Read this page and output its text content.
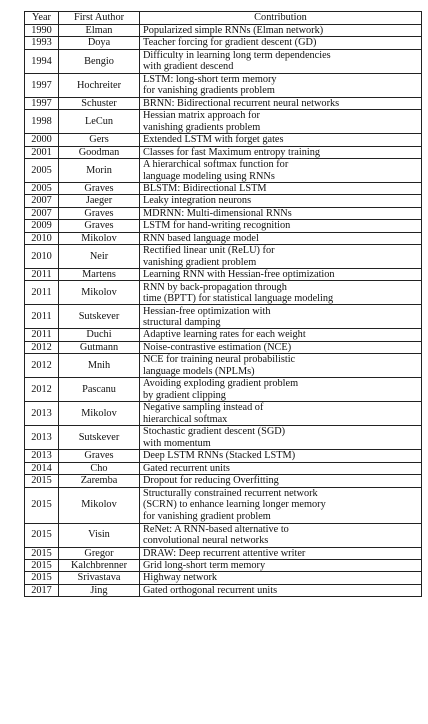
Year	First Author	Contribution
1990	Elman	Popularized simple RNNs (Elman network)
1993	Doya	Teacher forcing for gradient descent (GD)
1994	Bengio	Difficulty in learning long term dependencies
with gradient descend
1997	Hochreiter	LSTM: long-short term memory
for vanishing gradients problem
1997	Schuster	BRNN: Bidirectional recurrent neural networks
1998	LeCun	Hessian matrix approach for
vanishing gradients problem
2000	Gers	Extended LSTM with forget gates
2001	Goodman	Classes for fast Maximum entropy training
2005	Morin	A hierarchical softmax function for
language modeling using RNNs
2005	Graves	BLSTM: Bidirectional LSTM
2007	Jaeger	Leaky integration neurons
2007	Graves	MDRNN: Multi-dimensional RNNs
2009	Graves	LSTM for hand-writing recognition
2010	Mikolov	RNN based language model
2010	Neir	Rectified linear unit (ReLU) for
vanishing gradient problem
2011	Martens	Learning RNN with Hessian-free optimization
2011	Mikolov	RNN by back-propagation through
time (BPTT) for statistical language modeling
2011	Sutskever	Hessian-free optimization with
structural damping
2011	Duchi	Adaptive learning rates for each weight
2012	Gutmann	Noise-contrastive estimation (NCE)
2012	Mnih	NCE for training neural probabilistic
language models (NPLMs)
2012	Pascanu	Avoiding exploding gradient problem
by gradient clipping
2013	Mikolov	Negative sampling instead of
hierarchical softmax
2013	Sutskever	Stochastic gradient descent (SGD)
with momentum
2013	Graves	Deep LSTM RNNs (Stacked LSTM)
2014	Cho	Gated recurrent units
2015	Zaremba	Dropout for reducing Overfitting
2015	Mikolov	Structurally constrained recurrent network
(SCRN) to enhance learning longer memory
for vanishing gradient problem
2015	Visin	ReNet: A RNN-based alternative to
convolutional neural networks
2015	Gregor	DRAW: Deep recurrent attentive writer
2015	Kalchbrenner	Grid long-short term memory
2015	Srivastava	Highway network
2017	Jing	Gated orthogonal recurrent units
